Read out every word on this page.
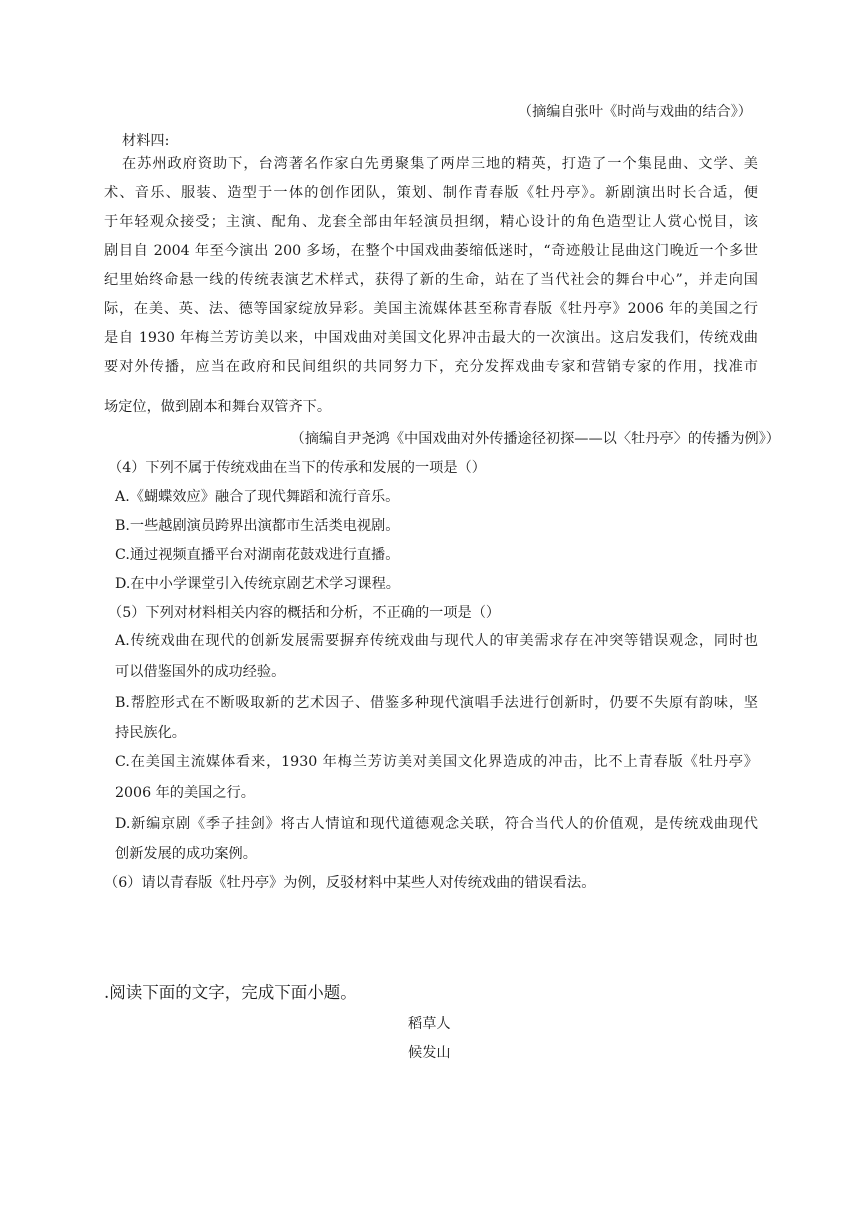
（摘编自张叶《时尚与戏曲的结合》）
材料四:
在苏州政府资助下，台湾著名作家白先勇聚集了两岸三地的精英，打造了一个集昆曲、文学、美
术、音乐、服装、造型于一体的创作团队，策划、制作青春版《牡丹亭》。新剧演出时长合适，便
于年轻观众接受；主演、配角、龙套全部由年轻演员担纲，精心设计的角色造型让人赏心悦目，该
剧目自 2004 年至今演出 200 多场，在整个中国戏曲萎缩低迷时，“奇迹般让昆曲这门晚近一个多世
纪里始终命悬一线的传统表演艺术样式，获得了新的生命，站在了当代社会的舞台中心”，并走向国
际，在美、英、法、德等国家绽放异彩。美国主流媒体甚至称青春版《牡丹亭》2006 年的美国之行
是自 1930 年梅兰芳访美以来，中国戏曲对美国文化界冲击最大的一次演出。这启发我们，传统戏曲
要对外传播，应当在政府和民间组织的共同努力下，充分发挥戏曲专家和营销专家的作用，找准市
场定位，做到剧本和舞台双管齐下。
（摘编自尹尧鸿《中国戏曲对外传播途径初探——以〈牡丹亭〉的传播为例》）
（4）下列不属于传统戏曲在当下的传承和发展的一项是（）
A.《蝴蝶效应》融合了现代舞蹈和流行音乐。
B.一些越剧演员跨界出演都市生活类电视剧。
C.通过视频直播平台对湖南花鼓戏进行直播。
D.在中小学课堂引入传统京剧艺术学习课程。
（5）下列对材料相关内容的概括和分析，不正确的一项是（）
A.传统戏曲在现代的创新发展需要摒弃传统戏曲与现代人的审美需求存在冲突等错误观念，同时也
可以借鉴国外的成功经验。
B.帮腔形式在不断吸取新的艺术因子、借鉴多种现代演唱手法进行创新时，仍要不失原有韵味，坚
持民族化。
C.在美国主流媒体看来，1930 年梅兰芳访美对美国文化界造成的冲击，比不上青春版《牡丹亭》
2006 年的美国之行。
D.新编京剧《季子挂剑》将古人情谊和现代道德观念关联，符合当代人的价值观，是传统戏曲现代
创新发展的成功案例。
（6）请以青春版《牡丹亭》为例，反驳材料中某些人对传统戏曲的错误看法。
.阅读下面的文字，完成下面小题。
稻草人
候发山
